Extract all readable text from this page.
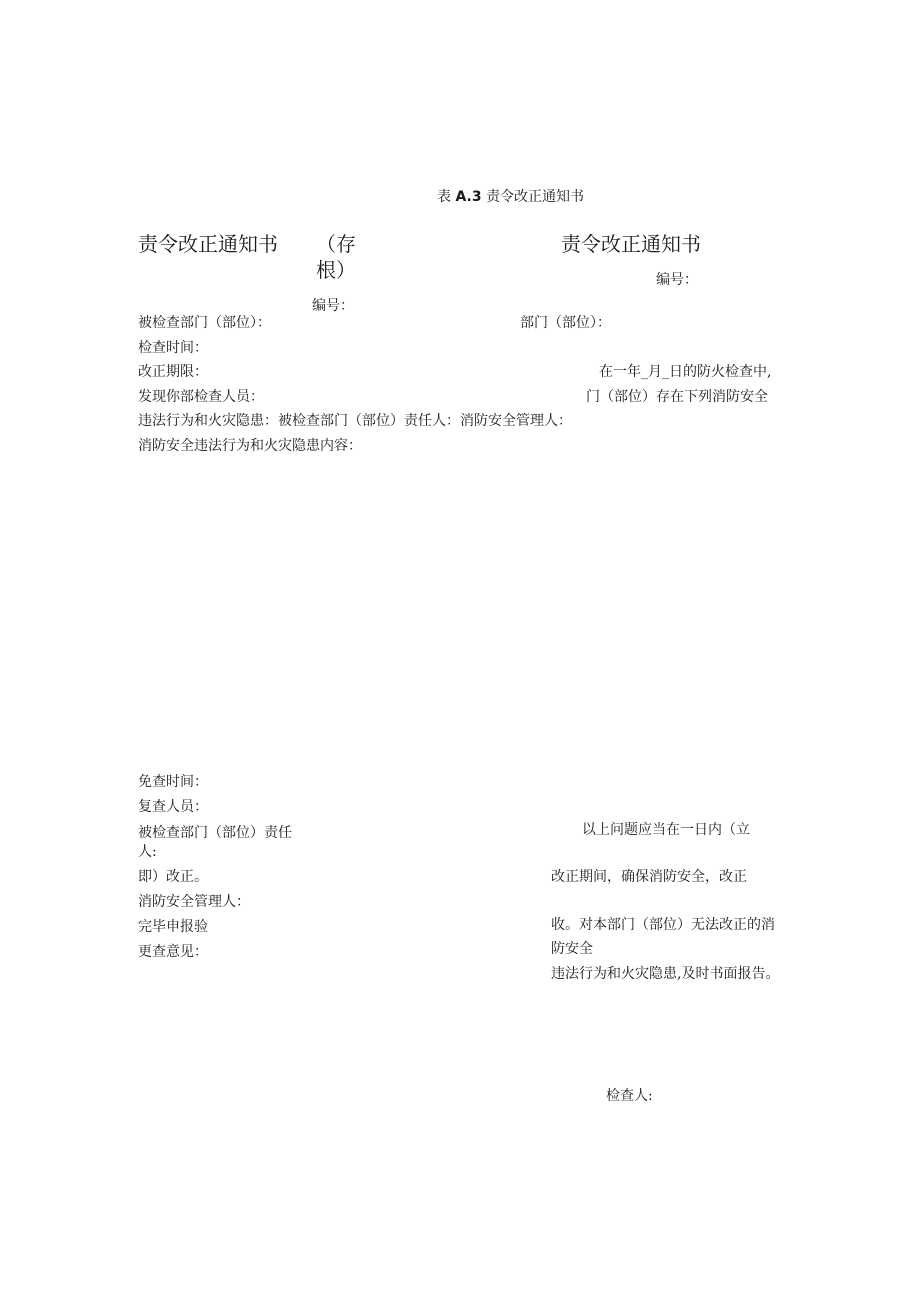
表 A.3 责令改正通知书
责令改正通知书 （存
根）
编号：
责令改正通知书
编号：
被检查部门（部位）：
检查时间：
改正期限：
发现你部检查人员：
违法行为和火灾隐患：被检查部门（部位）责任人：消防安全管理人：
消防安全违法行为和火灾隐患内容：
部门（部位）：
在一年_月_日的防火检查中,
门（部位）存在下列消防安全
免查时间：
复查人员：
被检查部门（部位）责任
人:
即）改正。
消防安全管理人：
完毕申报验
更查意见：
以上问题应当在一日内（立
改正期间，确保消防安全，改正
收。对本部门（部位）无法改正的消
防安全
违法行为和火灾隐患,及时书面报告。
检查人:
